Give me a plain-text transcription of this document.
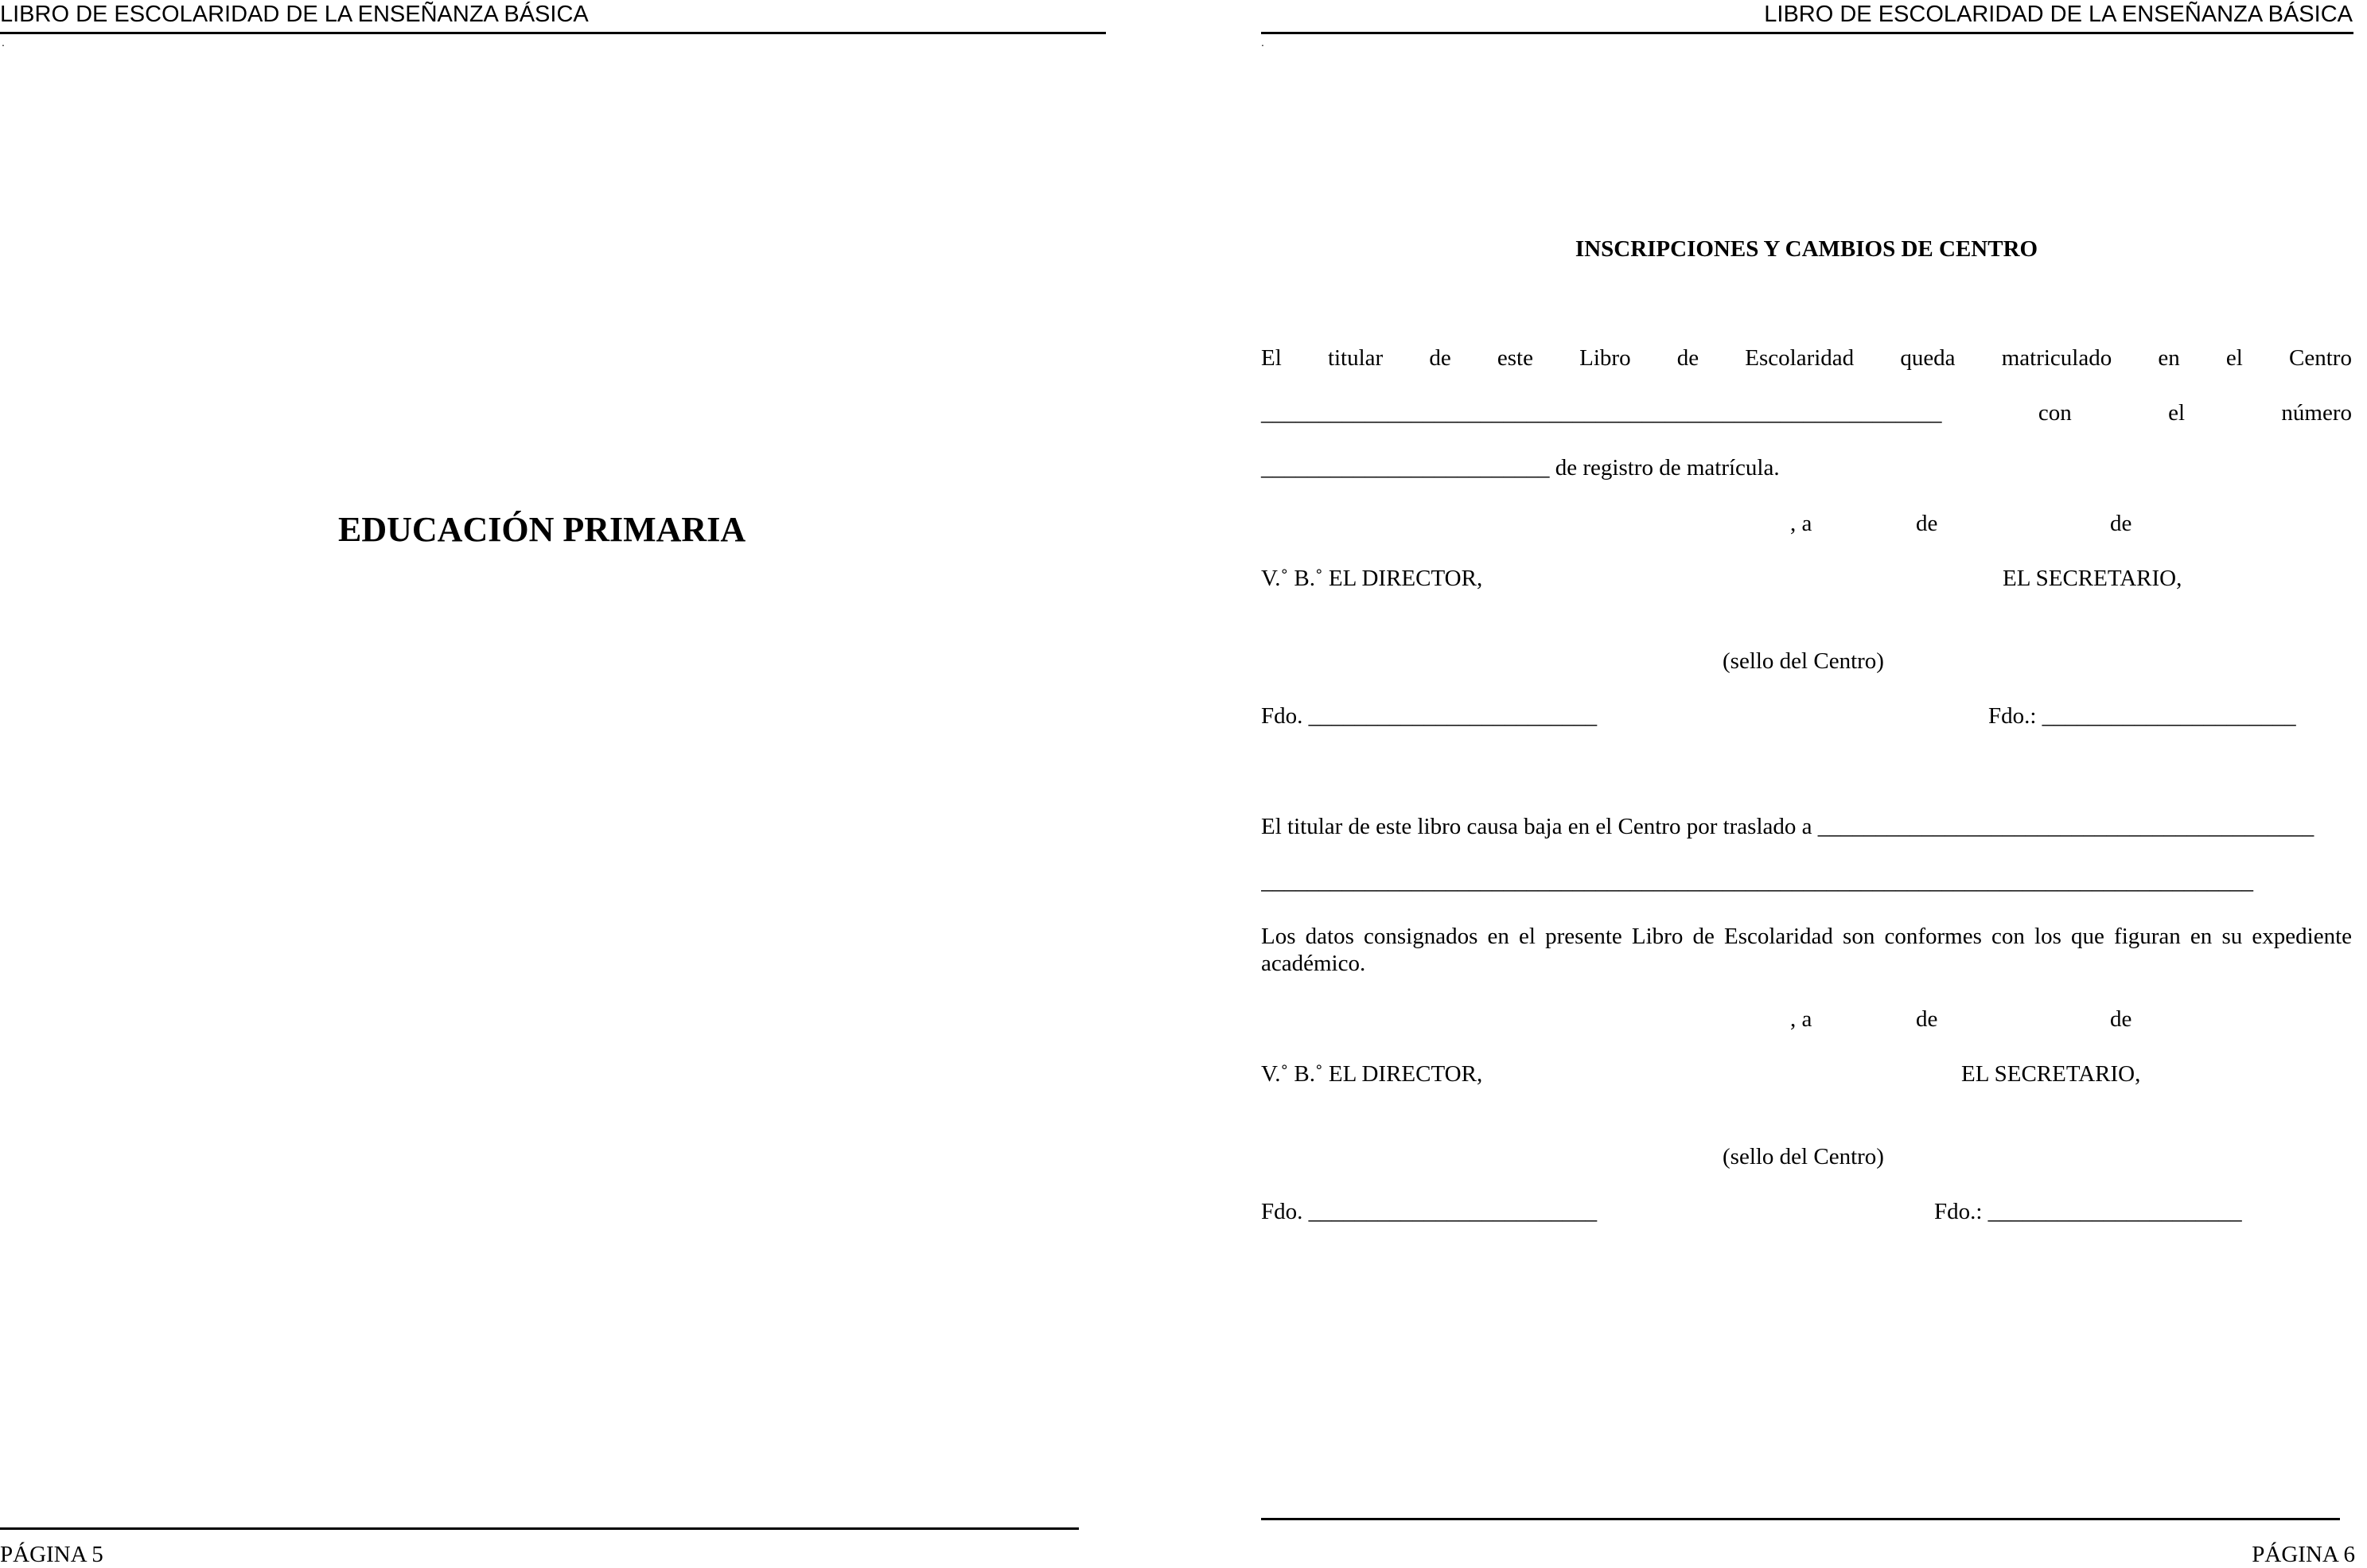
LIBRO DE ESCOLARIDAD DE LA ENSEÑANZA BÁSICA
.
EDUCACIÓN PRIMARIA
PÁGINA 5
LIBRO DE ESCOLARIDAD DE LA ENSEÑANZA BÁSICA
.
INSCRIPCIONES Y CAMBIOS DE CENTRO
El titular de este Libro de Escolaridad queda matriculado en el Centro
___________________________________________________________	con	el	número
_________________________ de registro de matrícula.
, a	de	de
V.˚ B.˚ EL DIRECTOR,	EL SECRETARIO,
(sello del Centro)
Fdo. _________________________	Fdo.: ______________________
El titular de este libro causa baja en el Centro por traslado a ___________________________________________
______________________________________________________________________________________
Los datos consignados en el presente Libro de Escolaridad son conformes con los que figuran en su expediente académico.
, a	de	de
V.˚ B.˚ EL DIRECTOR,	EL SECRETARIO,
(sello del Centro)
Fdo. _________________________	Fdo.: ______________________
PÁGINA 6
